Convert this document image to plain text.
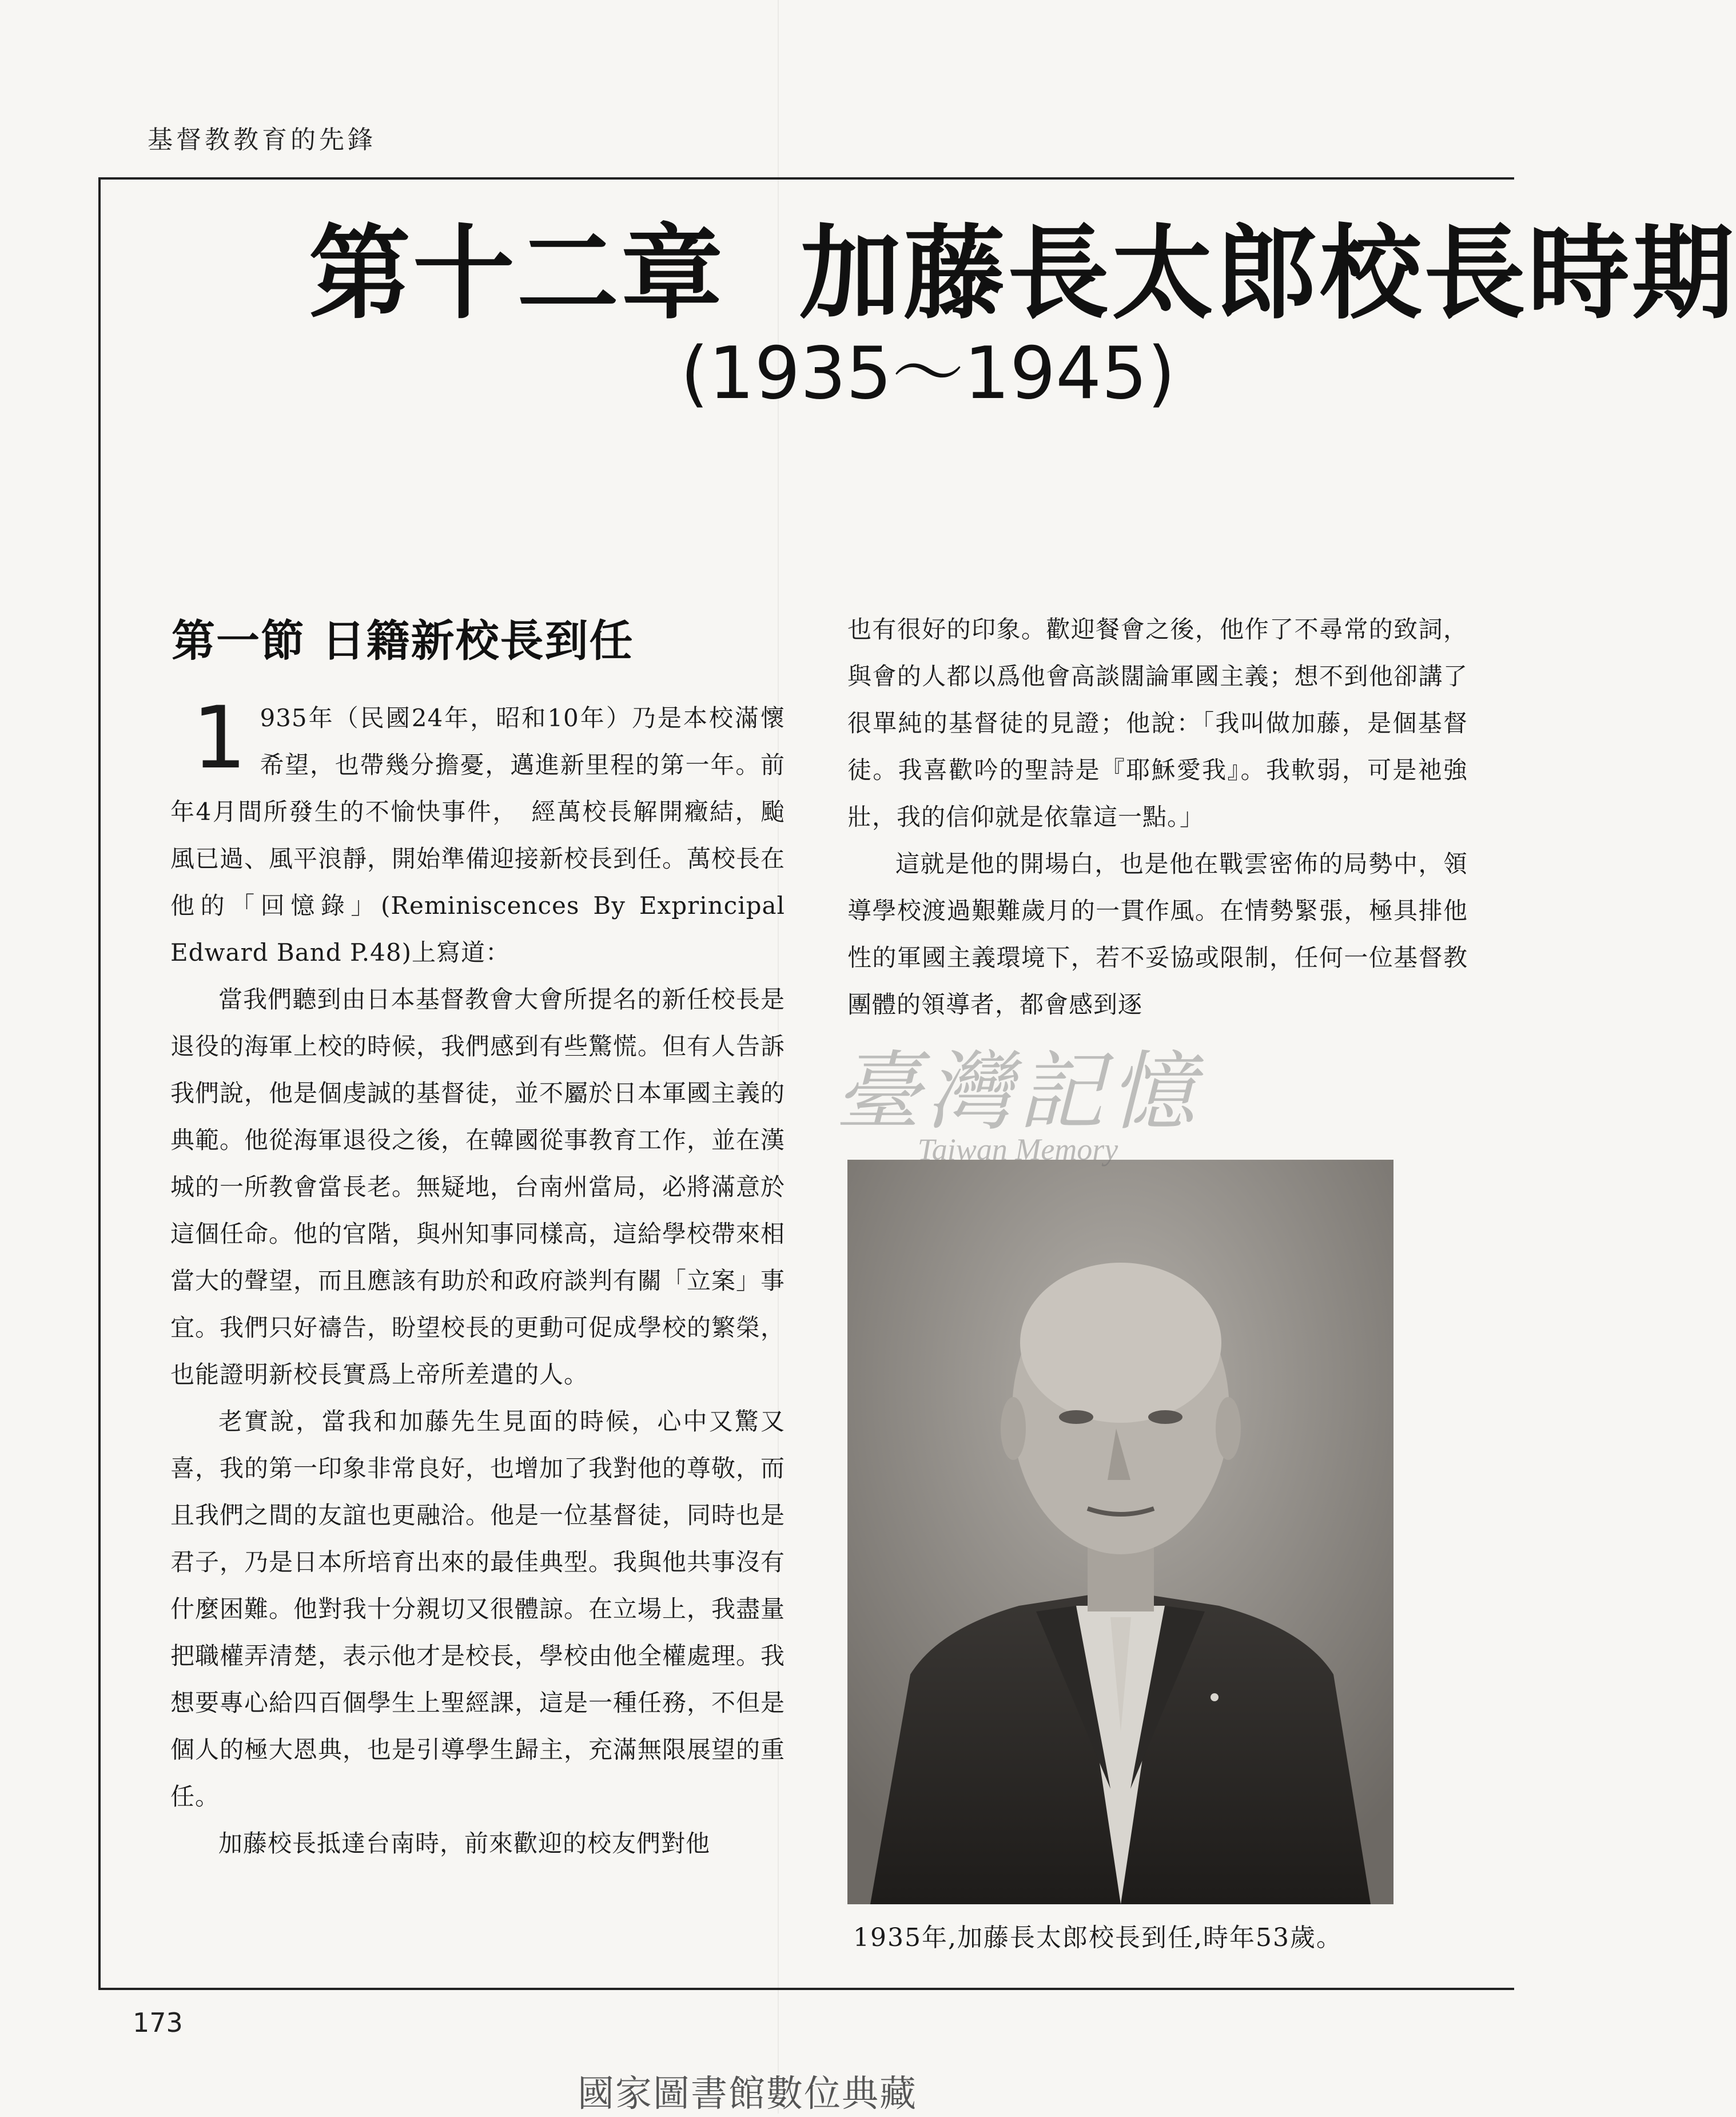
基督教教育的先鋒
第十二章 加藤長太郎校長時期
(1935～1945)
第一節 日籍新校長到任

1 935年（民國24年，昭和10年）乃是本校滿懷希望，也帶幾分擔憂，邁進新里程的第一年。前年4月間所發生的不愉快事件，　經萬校長解開癥結，颱風已過、風平浪靜，開始準備迎接新校長到任。萬校長在他的「回憶錄」(Reminiscences By Exprincipal Edward Band P.48)上寫道：

當我們聽到由日本基督教會大會所提名的新任校長是退役的海軍上校的時候，我們感到有些驚慌。但有人告訴我們說，他是個虔誠的基督徒，並不屬於日本軍國主義的典範。他從海軍退役之後，在韓國從事教育工作，並在漢城的一所教會當長老。無疑地，台南州當局，必將滿意於這個任命。他的官階，與州知事同樣高，這給學校帶來相當大的聲望，而且應該有助於和政府談判有關「立案」事宜。我們只好禱告，盼望校長的更動可促成學校的繁榮，也能證明新校長實爲上帝所差遣的人。

老實說，當我和加藤先生見面的時候，心中又驚又喜，我的第一印象非常良好，也增加了我對他的尊敬，而且我們之間的友誼也更融洽。他是一位基督徒，同時也是君子，乃是日本所培育出來的最佳典型。我與他共事沒有什麼困難。他對我十分親切又很體諒。在立場上，我盡量把職權弄清楚，表示他才是校長，學校由他全權處理。我想要專心給四百個學生上聖經課，這是一種任務，不但是個人的極大恩典，也是引導學生歸主，充滿無限展望的重任。

加藤校長抵達台南時，前來歡迎的校友們對他

也有很好的印象。歡迎餐會之後，他作了不尋常的致詞，與會的人都以爲他會高談闊論軍國主義；想不到他卻講了很單純的基督徒的見證；他說：「我叫做加藤，是個基督徒。我喜歡吟的聖詩是『耶穌愛我』。我軟弱，可是祂強壯，我的信仰就是依靠這一點。」

這就是他的開場白，也是他在戰雲密佈的局勢中，領導學校渡過艱難歲月的一貫作風。在情勢緊張，極具排他性的軍國主義環境下，若不妥協或限制，任何一位基督教團體的領導者，都會感到逐

1935年,加藤長太郎校長到任,時年53歲。
臺灣記憶
Taiwan Memory
173
國家圖書館數位典藏
